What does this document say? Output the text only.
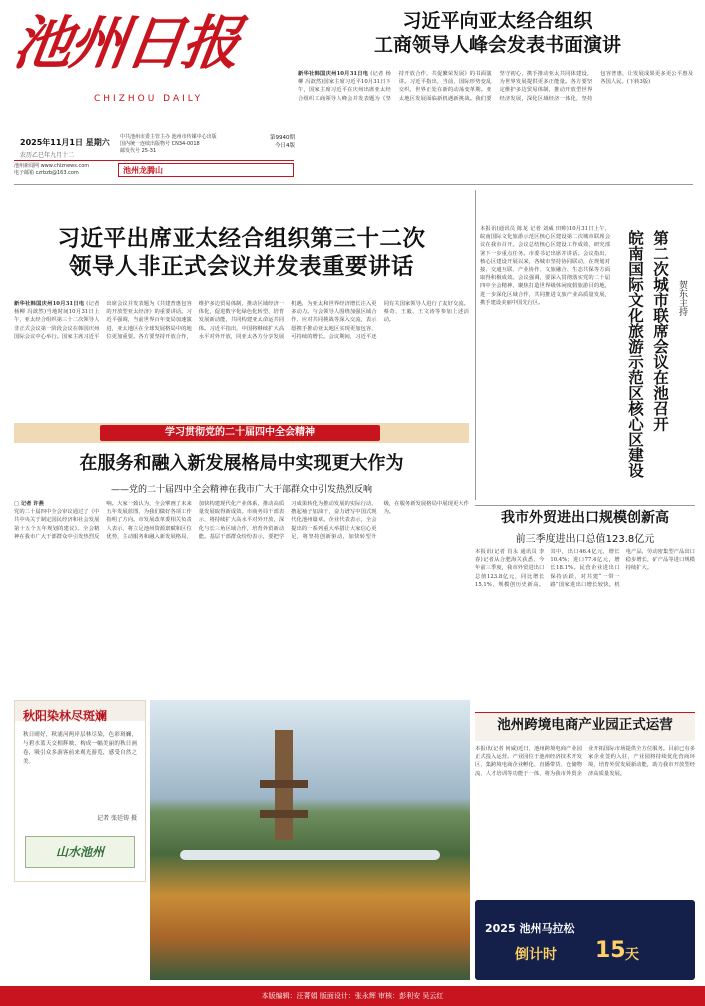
池州日报
CHIZHOU DAILY
2025年11月1日 星期六
农历乙巳年九月十二
中共池州市委主管主办 池州市传媒中心出版
国内统一连续出版物号 CN34-0018
邮发代号 25-31
第9940期
今日4版
池州新闻网 www.chiznews.com
电子邮箱 czrbzb@163.com	池州龙腾山
习近平向亚太经合组织
工商领导人峰会发表书面演讲
新华社韩国庆州10月31日电 (记者 杨柳 冯歆然)国家主席习近平10月31日下午，国家主席习近平在庆州出席亚太经合组织工商领导人峰会并发表题为《坚持开放合作，共促繁荣发展》的书面演讲。习近平指出，当前，国际形势变乱交织，世界正处在新的动荡变革期。亚太地区发展面临新机遇新挑战。我们要坚守初心，携手推动亚太共同体建设，为世界发展提供更多正能量。各方要坚定维护多边贸易体制，推动开放型世界经济发展，深化区域经济一体化，坚持包容普惠，让发展成果更多更公平惠及各国人民。(下转3版)
习近平出席亚太经合组织第三十二次
领导人非正式会议并发表重要讲话
新华社韩国庆州10月31日电 (记者 杨柳 冯歆然)当地时间10月31日上午，亚太经合组织第三十二次领导人非正式会议第一阶段会议在韩国庆州国际会议中心举行。国家主席习近平出席会议并发表题为《共建普惠包容的开放型亚太经济》的重要讲话。习近平强调，当前世界百年变局加速演进，亚太地区在全球发展格局中的地位更加重要。各方要坚持开放合作，维护多边贸易体制，推动区域经济一体化，促进数字化绿色化转型，培育发展新动能，共同构建亚太命运共同体。习近平指出，中国将继续扩大高水平对外开放，同亚太各方分享发展机遇，为亚太和世界经济增长注入更多动力。与会领导人围绕加强区域合作、应对共同挑战等深入交流，表示愿携手推动亚太地区实现更加包容、可持续的增长。会议期间，习近平还同有关国家领导人进行了友好交流。蔡奇、王毅、王文涛等参加上述活动。
学习贯彻党的二十届四中全会精神
在服务和融入新发展格局中实现更大作为
——党的二十届四中全会精神在我市广大干部群众中引发热烈反响
□ 记者 许燕
党的二十届四中全会审议通过了《中共中央关于制定国民经济和社会发展第十五个五年规划的建议》。全会精神在我市广大干部群众中引发热烈反响。大家一致认为，全会擘画了未来五年发展蓝图，为我们做好各项工作指明了方向。市发展改革委相关负责人表示，将立足池州资源禀赋和区位优势，主动服务和融入新发展格局，加快构建现代化产业体系，推动高质量发展取得新成效。市商务局干部表示，将持续扩大高水平对外开放，深化与长三角区域合作，培育外贸新动能。基层干部群众纷纷表示，要把学习成果转化为推动发展的实际行动，撸起袖子加油干，奋力谱写中国式现代化池州篇章。企业代表表示，全会提出的一系列重大举措让大家信心更足，将坚持创新驱动，加快转型升级，在服务新发展格局中展现更大作为。
本报讯(通讯员 陈龙 记者 刘威 田帅)10月31日上午，皖南国际文化旅游示范区核心区建设第二次城市联席会议在我市召开。会议总结核心区建设工作成效，研究部署下一步重点任务。市委书记出席并讲话。会议指出，核心区建设开展以来，各城市坚持协同联动，在规划对接、交通互联、产业协作、文旅融合、生态共保等方面取得积极成效。会议强调，要深入贯彻落实党的二十届四中全会精神，聚焦打造世界级休闲度假旅游目的地，进一步深化区域合作，共同推进文旅产业高质量发展，携手建设美丽中国先行区。	皖南国际文化旅游示范区核心区建设 第二次城市联席会议在池召开 贺东主持
我市外贸进出口规模创新高
前三季度进出口总值123.8亿元
本报讯(记者 肖永 通讯员 李春)记者从合肥海关获悉，今年前三季度，我市外贸进出口总值123.8亿元，同比增长15.1%，规模创历史新高。其中，出口46.4亿元，增长10.4%；进口77.4亿元，增长18.1%。民营企业进出口保持活跃，对共建“一带一路”国家进出口增长较快。机电产品、劳动密集型产品出口稳步增长，矿产品等进口规模持续扩大。
秋阳染林尽斑斓
秋日晴好，秋浦河两岸层林尽染，色彩斑斓，与碧水蓝天交相辉映，构成一幅美丽的秋日画卷，吸引众多游客前来观光游览，感受自然之美。
记者 张廷铸 摄
山水池州
池州跨境电商产业园正式运营
本报讯(记者 何威)近日，池州跨境电商产业园正式投入运营。产业园位于池州经济技术开发区，集跨境电商企业孵化、直播带货、仓储物流、人才培训等功能于一体，将为我市外贸企业开拓国际市场提供全方位服务。目前已有多家企业签约入驻，产业园将持续优化营商环境，培育外贸发展新动能，助力我市开放型经济高质量发展。
2025 池州马拉松
倒计时 15 天
本版编辑：汪菁娟 版面设计：张永辉 审核：彭利安 吴云红
